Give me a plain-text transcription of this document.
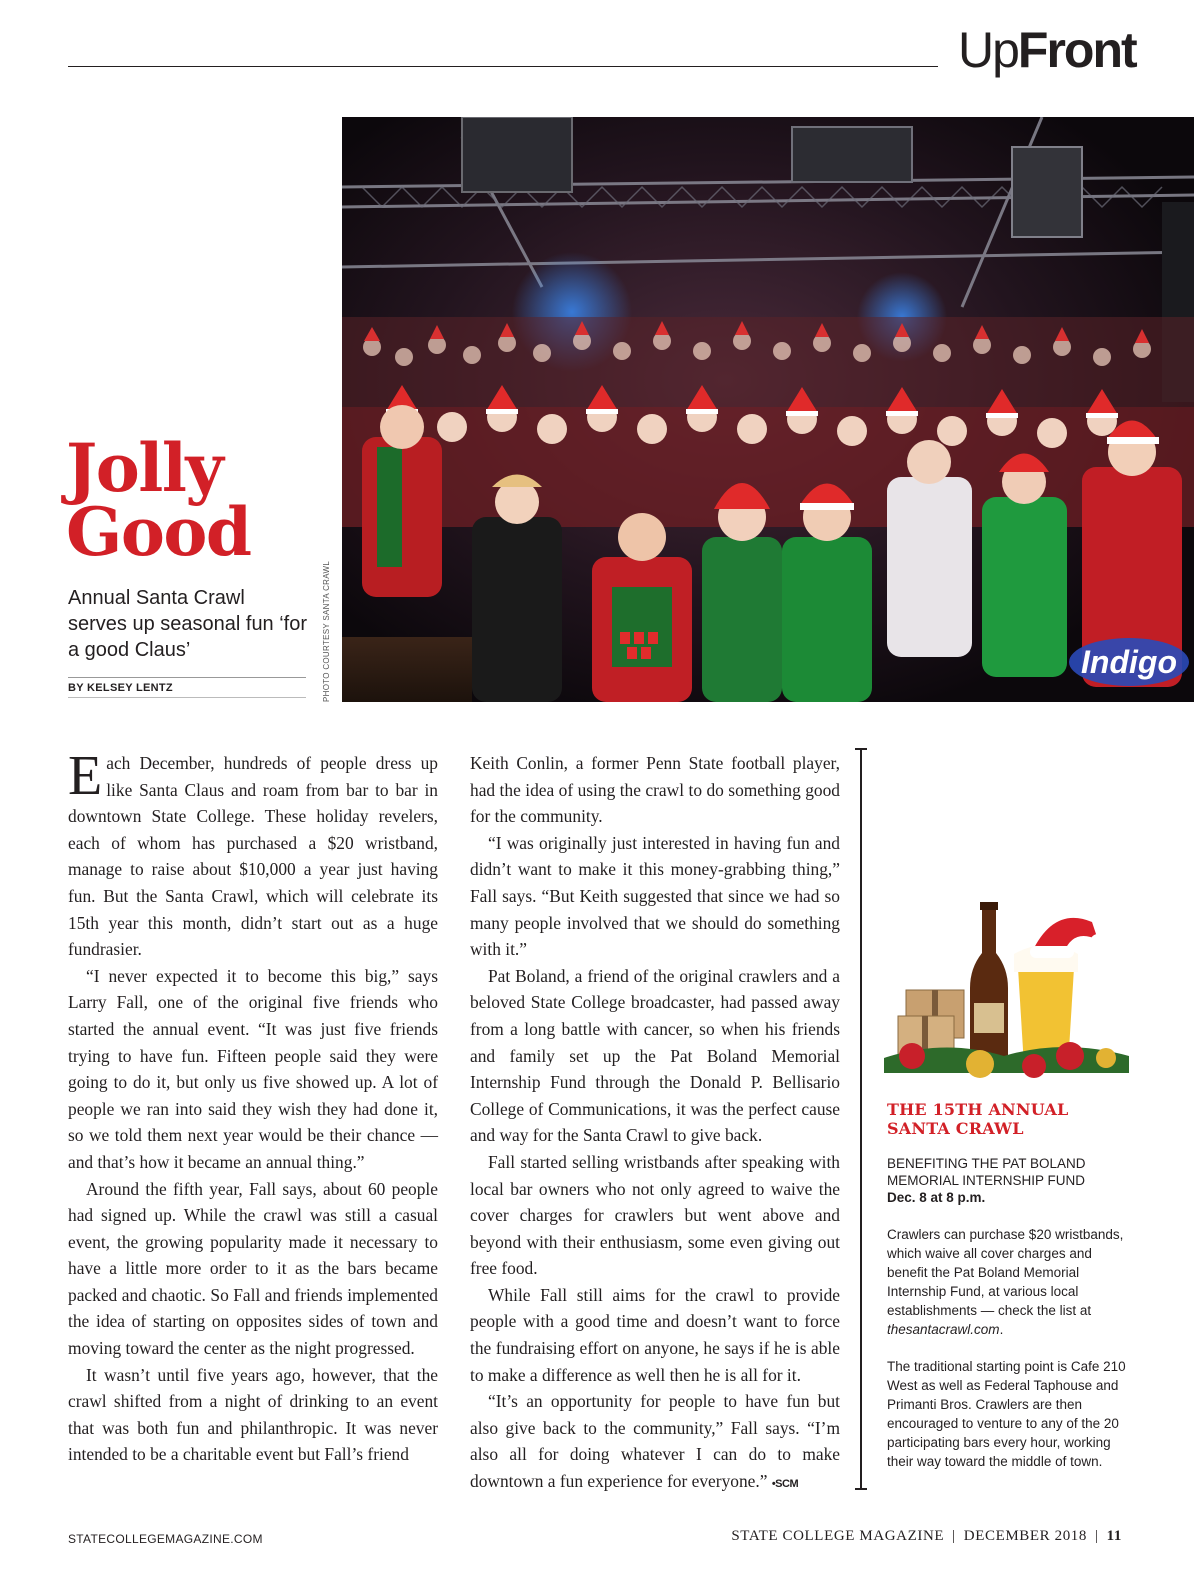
UpFront
Indigo
PHOTO COURTESY SANTA CRAWL
Jolly
Good
Annual Santa Crawl serves up seasonal fun ‘for a good Claus’
BY KELSEY LENTZ

Each December, hundreds of people dress up like Santa Claus and roam from bar to bar in downtown State College. These holiday revelers, each of whom has purchased a $20 wristband, manage to raise about $10,000 a year just having fun. But the Santa Crawl, which will celebrate its 15th year this month, didn’t start out as a huge fundrasier.

“I never expected it to become this big,” says Larry Fall, one of the original five friends who started the annual event. “It was just five friends trying to have fun. Fifteen people said they were going to do it, but only us five showed up. A lot of people we ran into said they wish they had done it, so we told them next year would be their chance — and that’s how it became an annual thing.”

Around the fifth year, Fall says, about 60 people had signed up. While the crawl was still a casual event, the growing popularity made it necessary to have a little more order to it as the bars became packed and chaotic. So Fall and friends implemented the idea of starting on opposites sides of town and moving toward the center as the night progressed.

It wasn’t until five years ago, however, that the crawl shifted from a night of drinking to an event that was both fun and philanthropic. It was never intended to be a charitable event but Fall’s friend

Keith Conlin, a former Penn State football player, had the idea of using the crawl to do something good for the community.

“I was originally just interested in having fun and didn’t want to make it this money-grabbing thing,” Fall says. “But Keith suggested that since we had so many people involved that we should do something with it.”

Pat Boland, a friend of the original crawlers and a beloved State College broadcaster, had passed away from a long battle with cancer, so when his friends and family set up the Pat Boland Memorial Internship Fund through the Donald P. Bellisario College of Communications, it was the perfect cause and way for the Santa Crawl to give back.

Fall started selling wristbands after speaking with local bar owners who not only agreed to waive the cover charges for crawlers but went above and beyond with their enthusiasm, some even giving out free food.

While Fall still aims for the crawl to provide people with a good time and doesn’t want to force the fundraising effort on anyone, he says if he is able to make a difference as well then he is all for it.

“It’s an opportunity for people to have fun but also give back to the community,” Fall says. “I’m also all for doing whatever I can do to make downtown a fun experience for everyone.” •SCM

THE 15TH ANNUAL SANTA CRAWL
BENEFITING THE PAT BOLAND MEMORIAL INTERNSHIP FUND
Dec. 8 at 8 p.m.
Crawlers can purchase $20 wristbands, which waive all cover charges and benefit the Pat Boland Memorial Internship Fund, at various local establishments — check the list at thesantacrawl.com.
The traditional starting point is Cafe 210 West as well as Federal Taphouse and Primanti Bros. Crawlers are then encouraged to venture to any of the 20 participating bars every hour, working their way toward the middle of town.
STATECOLLEGEMAGAZINE.COM	STATE COLLEGE MAGAZINE | DECEMBER 2018 | 11
